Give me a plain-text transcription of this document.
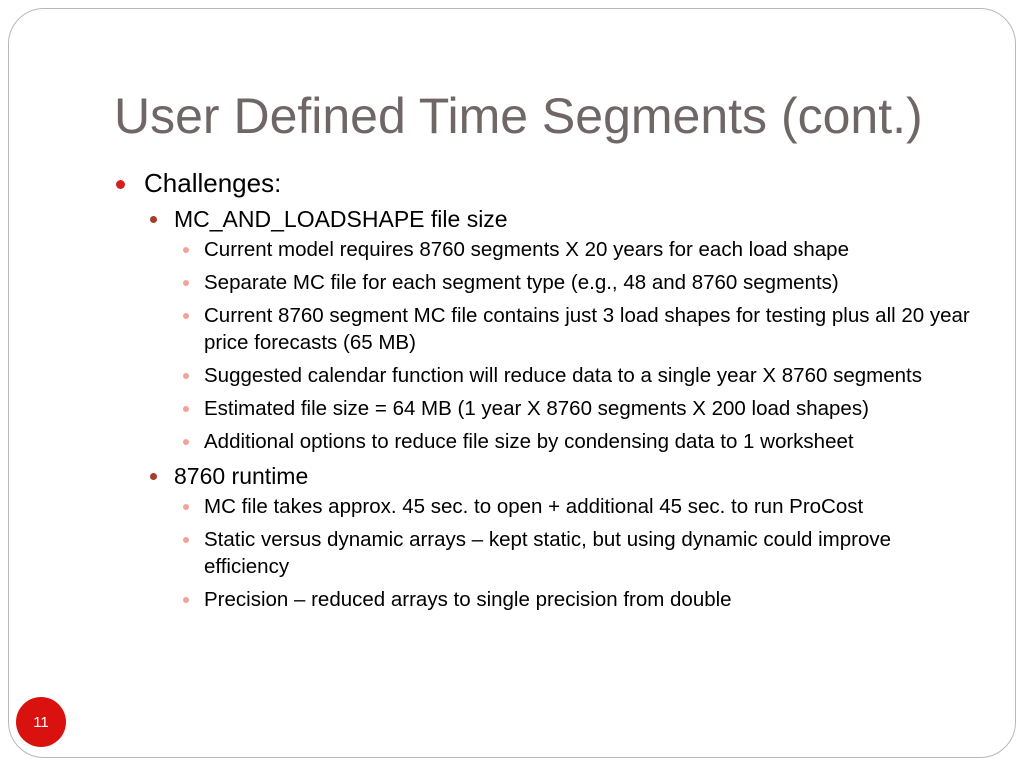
User Defined Time Segments (cont.)
Challenges:
MC_AND_LOADSHAPE file size
Current model requires 8760 segments X 20 years for each load shape
Separate MC file for each segment type (e.g., 48 and 8760 segments)
Current 8760 segment MC file contains just 3 load shapes for testing plus all 20 year price forecasts (65 MB)
Suggested calendar function will reduce data to a single year X 8760 segments
Estimated file size = 64 MB (1 year X 8760 segments X 200 load shapes)
Additional options to reduce file size by condensing data to 1 worksheet
8760 runtime
MC file takes approx. 45 sec. to open + additional 45 sec. to run ProCost
Static versus dynamic arrays – kept static, but using dynamic could improve efficiency
Precision – reduced arrays to single precision from double
11
